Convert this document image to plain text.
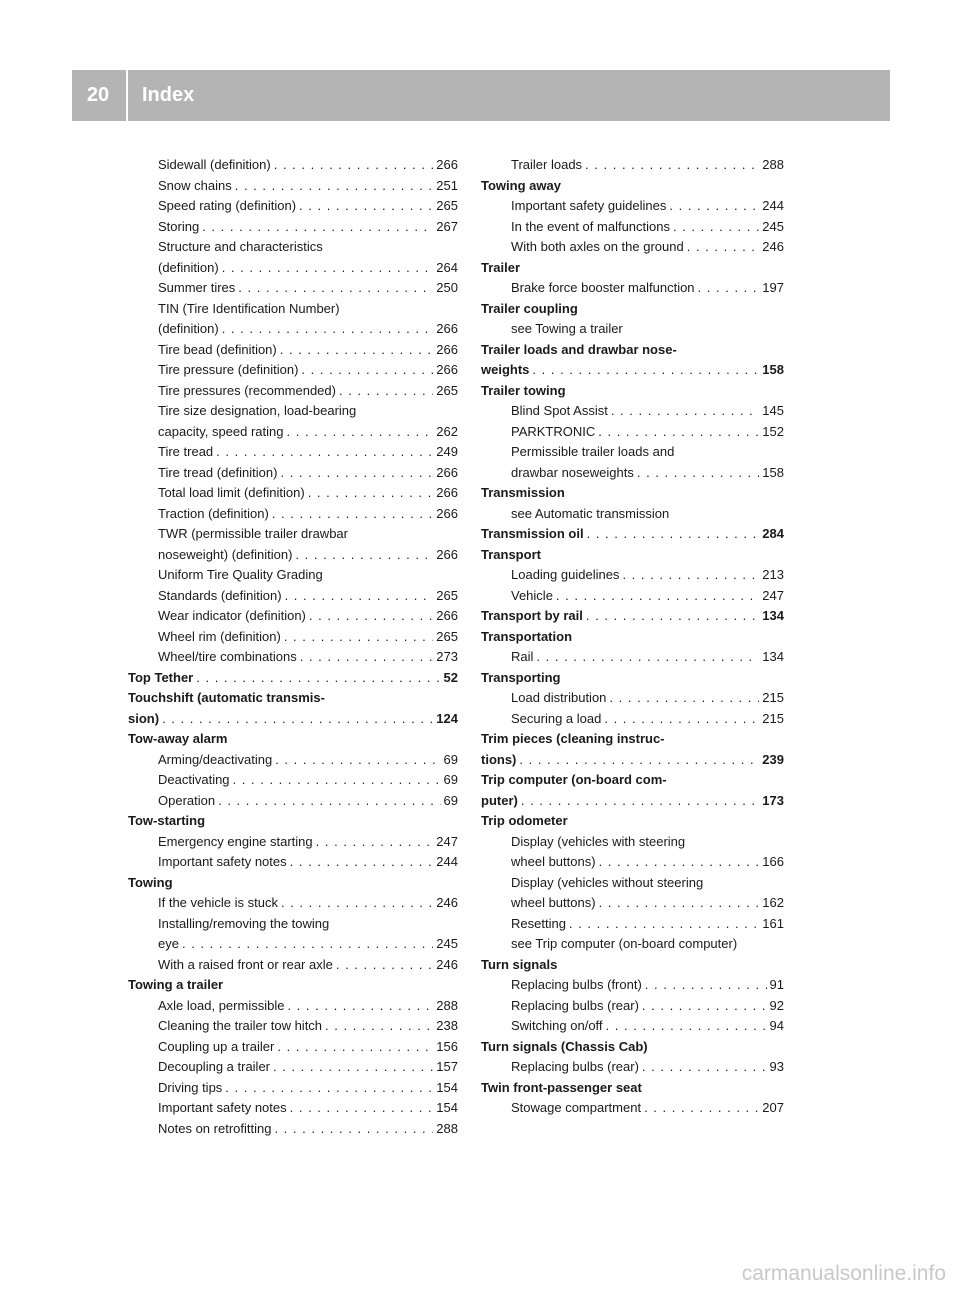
20	Index
Sidewall (definition) . . .	266
Snow chains . . .	251
Speed rating (definition) . . .	265
Storing . . .	267
Structure and characteristics
(definition) . . .	264
Summer tires . . .	250
TIN (Tire Identification Number)
(definition) . . .	266
Tire bead (definition) . . .	266
Tire pressure (definition) . . .	266
Tire pressures (recommended) . . .	265
Tire size designation, load-bearing
capacity, speed rating . . .	262
Tire tread . . .	249
Tire tread (definition) . . .	266
Total load limit (definition) . . .	266
Traction (definition) . . .	266
TWR (permissible trailer drawbar
noseweight) (definition) . . .	266
Uniform Tire Quality Grading
Standards (definition) . . .	265
Wear indicator (definition) . . .	266
Wheel rim (definition) . . .	265
Wheel/tire combinations . . .	273
Top Tether . . .	52
Touchshift (automatic transmis-
sion) . . .	124
Tow-away alarm
Arming/deactivating . . .	69
Deactivating . . .	69
Operation . . .	69
Tow-starting
Emergency engine starting . . .	247
Important safety notes . . .	244
Towing
If the vehicle is stuck . . .	246
Installing/removing the towing
eye . . .	245
With a raised front or rear axle . . .	246
Towing a trailer
Axle load, permissible . . .	288
Cleaning the trailer tow hitch . . .	238
Coupling up a trailer . . .	156
Decoupling a trailer . . .	157
Driving tips . . .	154
Important safety notes . . .	154
Notes on retrofitting . . .	288
Trailer loads . . .	288
Towing away
Important safety guidelines . . .	244
In the event of malfunctions . . .	245
With both axles on the ground . . .	246
Trailer
Brake force booster malfunction . . .	197
Trailer coupling
see Towing a trailer
Trailer loads and drawbar nose-
weights . . .	158
Trailer towing
Blind Spot Assist . . .	145
PARKTRONIC . . .	152
Permissible trailer loads and
drawbar noseweights . . .	158
Transmission
see Automatic transmission
Transmission oil . . .	284
Transport
Loading guidelines . . .	213
Vehicle . . .	247
Transport by rail . . .	134
Transportation
Rail . . .	134
Transporting
Load distribution . . .	215
Securing a load . . .	215
Trim pieces (cleaning instruc-
tions) . . .	239
Trip computer (on-board com-
puter) . . .	173
Trip odometer
Display (vehicles with steering
wheel buttons) . . .	166
Display (vehicles without steering
wheel buttons) . . .	162
Resetting . . .	161
see Trip computer (on-board computer)
Turn signals
Replacing bulbs (front) . . .	91
Replacing bulbs (rear) . . .	92
Switching on/off . . .	94
Turn signals (Chassis Cab)
Replacing bulbs (rear) . . .	93
Twin front-passenger seat
Stowage compartment . . .	207
carmanualsonline.info
